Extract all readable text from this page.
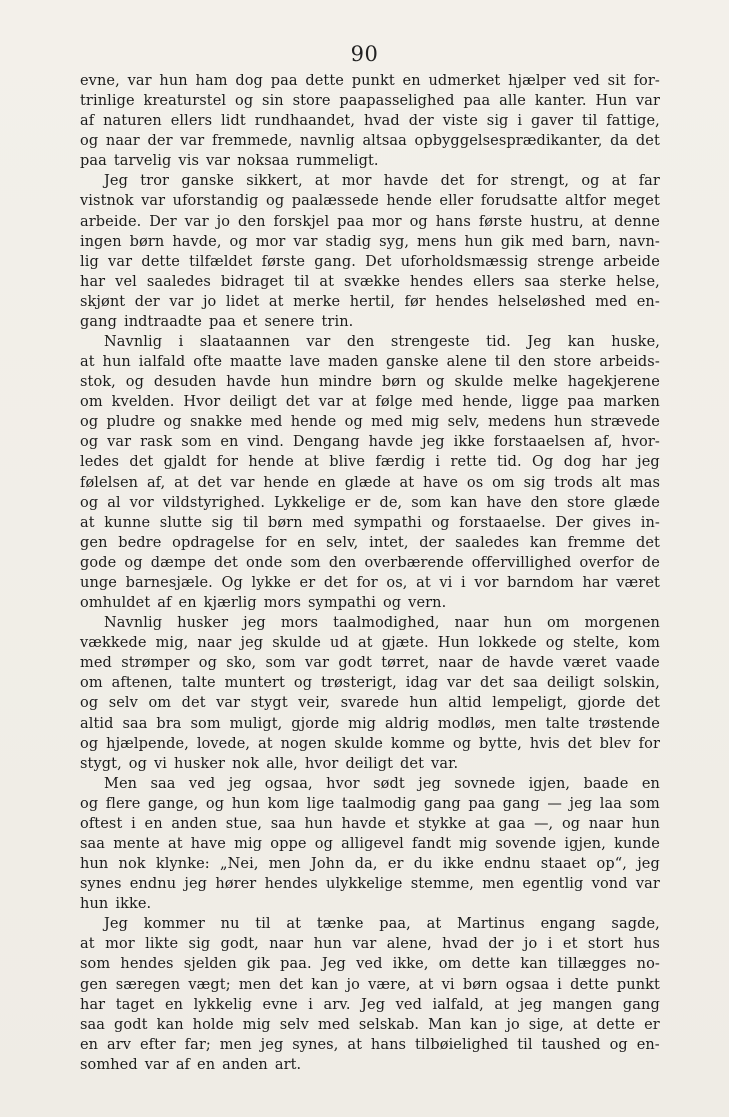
90
evne, var hun ham dog paa dette punkt en udmerket hjælper ved sit for-
trinlige kreaturstel og sin store paapasselighed paa alle kanter. Hun var
af naturen ellers lidt rundhaandet, hvad der viste sig i gaver til fattige,
og naar der var fremmede, navnlig altsaa opbyggelsesprædikanter, da det
paa tarvelig vis var noksaa rummeligt.
Jeg tror ganske sikkert, at mor havde det for strengt, og at far
vistnok var uforstandig og paalæssede hende eller forudsatte altfor meget
arbeide. Der var jo den forskjel paa mor og hans første hustru, at denne
ingen børn havde, og mor var stadig syg, mens hun gik med barn, navn-
lig var dette tilfældet første gang. Det uforholdsmæssig strenge arbeide
har vel saaledes bidraget til at svække hendes ellers saa sterke helse,
skjønt der var jo lidet at merke hertil, før hendes helseløshed med en-
gang indtraadte paa et senere trin.
Navnlig i slaataannen var den strengeste tid. Jeg kan huske,
at hun ialfald ofte maatte lave maden ganske alene til den store arbeids-
stok, og desuden havde hun mindre børn og skulde melke hagekjerene
om kvelden. Hvor deiligt det var at følge med hende, ligge paa marken
og pludre og snakke med hende og med mig selv, medens hun strævede
og var rask som en vind. Dengang havde jeg ikke forstaaelsen af, hvor-
ledes det gjaldt for hende at blive færdig i rette tid. Og dog har jeg
følelsen af, at det var hende en glæde at have os om sig trods alt mas
og al vor vildstyrighed. Lykkelige er de, som kan have den store glæde
at kunne slutte sig til børn med sympathi og forstaaelse. Der gives in-
gen bedre opdragelse for en selv, intet, der saaledes kan fremme det
gode og dæmpe det onde som den overbærende offervillighed overfor de
unge barnesjæle. Og lykke er det for os, at vi i vor barndom har været
omhuldet af en kjærlig mors sympathi og vern.
Navnlig husker jeg mors taalmodighed, naar hun om morgenen
vækkede mig, naar jeg skulde ud at gjæte. Hun lokkede og stelte, kom
med strømper og sko, som var godt tørret, naar de havde været vaade
om aftenen, talte muntert og trøsterigt, idag var det saa deiligt solskin,
og selv om det var stygt veir, svarede hun altid lempeligt, gjorde det
altid saa bra som muligt, gjorde mig aldrig modløs, men talte trøstende
og hjælpende, lovede, at nogen skulde komme og bytte, hvis det blev for
stygt, og vi husker nok alle, hvor deiligt det var.
Men saa ved jeg ogsaa, hvor sødt jeg sovnede igjen, baade en
og flere gange, og hun kom lige taalmodig gang paa gang — jeg laa som
oftest i en anden stue, saa hun havde et stykke at gaa —, og naar hun
saa mente at have mig oppe og alligevel fandt mig sovende igjen, kunde
hun nok klynke: „Nei, men John da, er du ikke endnu staaet op“, jeg
synes endnu jeg hører hendes ulykkelige stemme, men egentlig vond var
hun ikke.
Jeg kommer nu til at tænke paa, at Martinus engang sagde,
at mor likte sig godt, naar hun var alene, hvad der jo i et stort hus
som hendes sjelden gik paa. Jeg ved ikke, om dette kan tillægges no-
gen særegen vægt; men det kan jo være, at vi børn ogsaa i dette punkt
har taget en lykkelig evne i arv. Jeg ved ialfald, at jeg mangen gang
saa godt kan holde mig selv med selskab. Man kan jo sige, at dette er
en arv efter far; men jeg synes, at hans tilbøielighed til taushed og en-
somhed var af en anden art.
